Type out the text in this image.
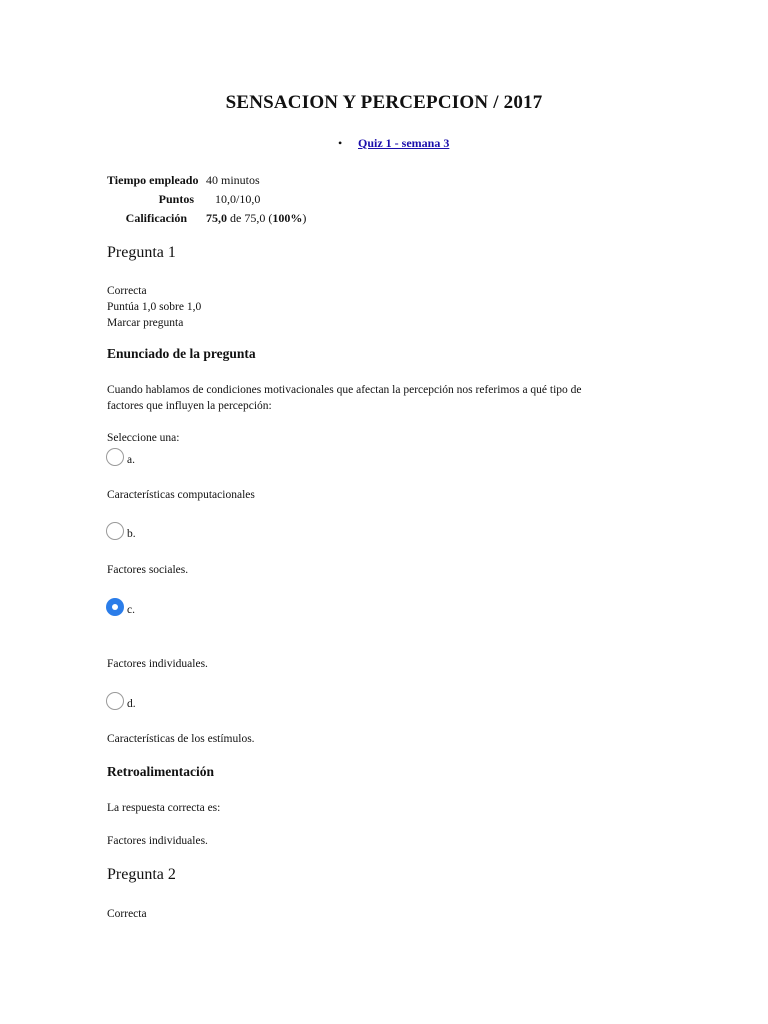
SENSACION Y PERCEPCION / 2017
• Quiz 1 - semana 3
Tiempo empleado 40 minutos
Puntos 10,0/10,0
Calificación 75,0 de 75,0 (100%)
Pregunta 1
Correcta
Puntúa 1,0 sobre 1,0
Marcar pregunta
Enunciado de la pregunta
Cuando hablamos de condiciones motivacionales que afectan la percepción nos referimos a qué tipo de
factores que influyen la percepción:
Seleccione una:
a.
Características computacionales
b.
Factores sociales.
c.
Factores individuales.
d.
Características de los estímulos.
Retroalimentación
La respuesta correcta es:
Factores individuales.
Pregunta 2
Correcta
